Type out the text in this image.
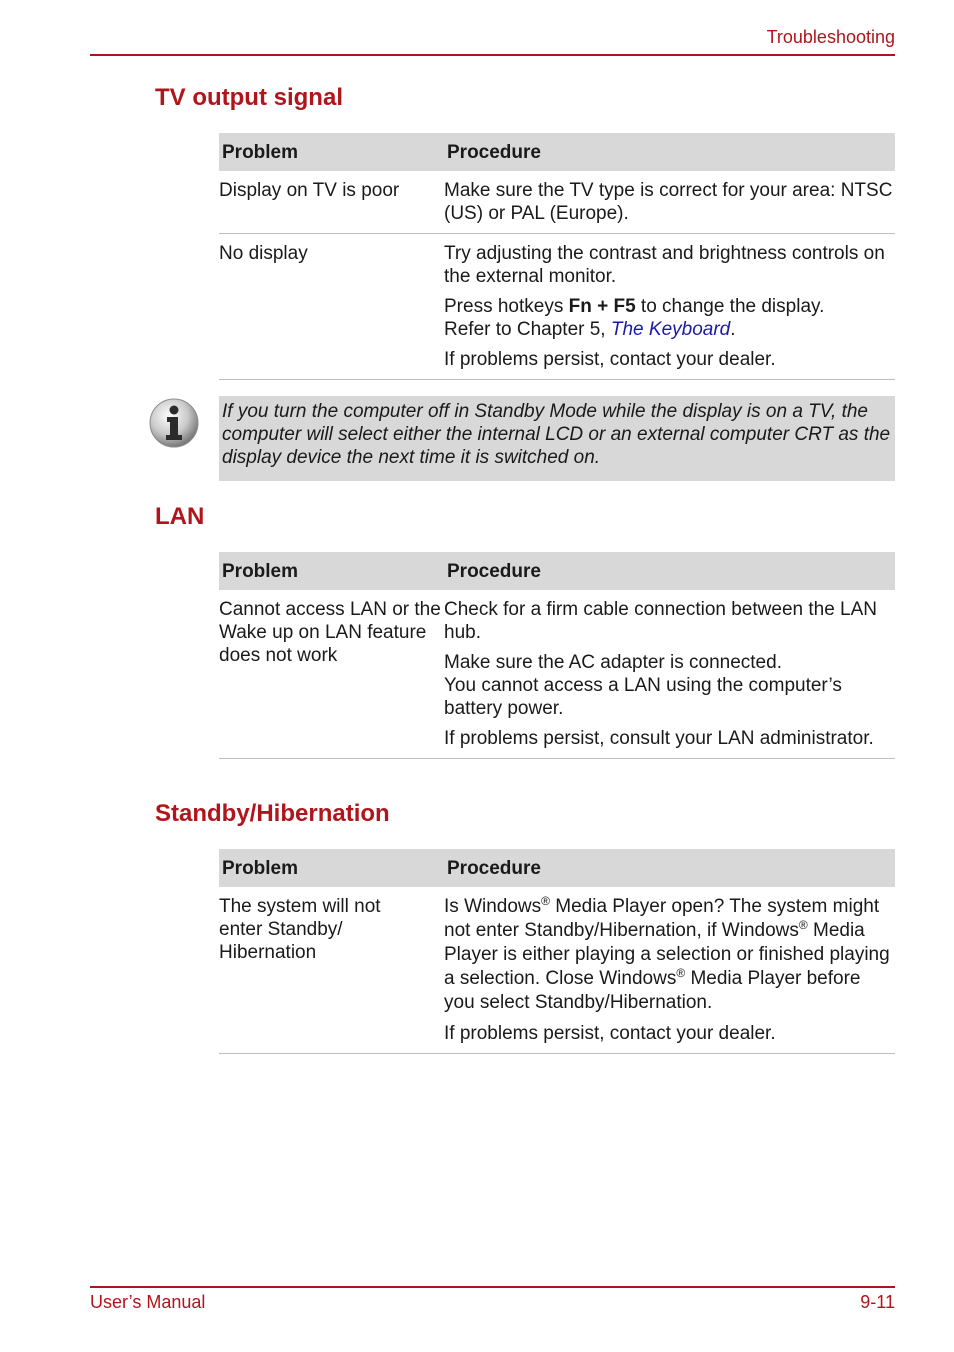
Troubleshooting
TV output signal
Problem	Procedure
Display on TV is poor	Make sure the TV type is correct for your area: NTSC (US) or PAL (Europe).

No display	Try adjusting the contrast and brightness controls on the external monitor.

Press hotkeys Fn + F5 to change the display.
Refer to Chapter 5, The Keyboard.

If problems persist, contact your dealer.

If you turn the computer off in Standby Mode while the display is on a TV, the computer will select either the internal LCD or an external computer CRT as the display device the next time it is switched on.
LAN
Problem	Procedure
Cannot access LAN or the Wake up on LAN feature does not work	Check for a firm cable connection between the LAN hub.

Make sure the AC adapter is connected.
You cannot access a LAN using the computer’s battery power.

If problems persist, consult your LAN administrator.

Standby/Hibernation
Problem	Procedure
The system will not enter Standby/ Hibernation	Is Windows® Media Player open? The system might not enter Standby/Hibernation, if Windows® Media Player is either playing a selection or finished playing a selection. Close Windows® Media Player before you select Standby/Hibernation.

If problems persist, contact your dealer.

User’s Manual	9-11
